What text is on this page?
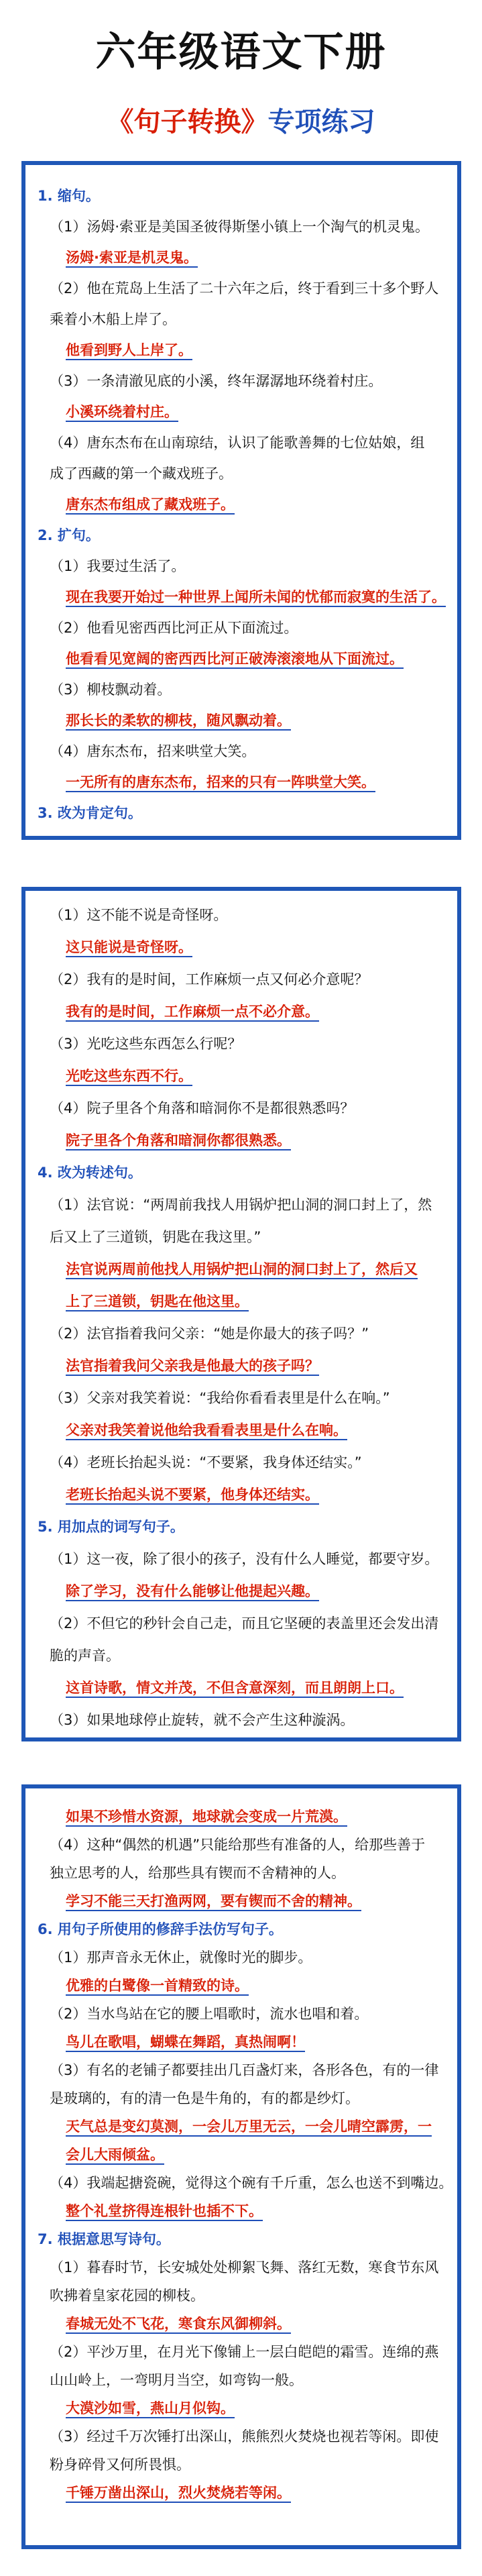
六年级语文下册
《句子转换》专项练习
1. 缩句。
（1）汤姆·索亚是美国圣彼得斯堡小镇上一个淘气的机灵鬼。
汤姆·索亚是机灵鬼。
（2）他在荒岛上生活了二十六年之后，终于看到三十多个野人
乘着小木船上岸了。
他看到野人上岸了。
（3）一条清澈见底的小溪，终年潺潺地环绕着村庄。
小溪环绕着村庄。
（4）唐东杰布在山南琼结，认识了能歌善舞的七位姑娘，组
成了西藏的第一个藏戏班子。
唐东杰布组成了藏戏班子。
2. 扩句。
（1）我要过生活了。
现在我要开始过一种世界上闻所未闻的忧郁而寂寞的生活了。
（2）他看见密西西比河正从下面流过。
他看看见宽阔的密西西比河正破涛滚滚地从下面流过。
（3）柳枝飘动着。
那长长的柔软的柳枝，随风飘动着。
（4）唐东杰布，招来哄堂大笑。
一无所有的唐东杰布，招来的只有一阵哄堂大笑。
3. 改为肯定句。
（1）这不能不说是奇怪呀。
这只能说是奇怪呀。
（2）我有的是时间，工作麻烦一点又何必介意呢？
我有的是时间，工作麻烦一点不必介意。
（3）光吃这些东西怎么行呢？
光吃这些东西不行。
（4）院子里各个角落和暗洞你不是都很熟悉吗？
院子里各个角落和暗洞你都很熟悉。
4. 改为转述句。
（1）法官说：“两周前我找人用锅炉把山洞的洞口封上了，然
后又上了三道锁，钥匙在我这里。”
法官说两周前他找人用锅炉把山洞的洞口封上了，然后又
上了三道锁，钥匙在他这里。
（2）法官指着我问父亲：“她是你最大的孩子吗？”
法官指着我问父亲我是他最大的孩子吗？
（3）父亲对我笑着说：“我给你看看表里是什么在响。”
父亲对我笑着说他给我看看表里是什么在响。
（4）老班长抬起头说：“不要紧，我身体还结实。”
老班长抬起头说不要紧，他身体还结实。
5. 用加点的词写句子。
（1）这一夜，除了很小的孩子，没有什么人睡觉，都要守岁。
除了学习，没有什么能够让他提起兴趣。
（2）不但它的秒针会自己走，而且它坚硬的表盖里还会发出清
脆的声音。
这首诗歌，情文并茂，不但含意深刻，而且朗朗上口。
（3）如果地球停止旋转，就不会产生这种漩涡。
如果不珍惜水资源，地球就会变成一片荒漠。
（4）这种“偶然的机遇”只能给那些有准备的人，给那些善于
独立思考的人，给那些具有锲而不舍精神的人。
学习不能三天打渔两网，要有锲而不舍的精神。
6. 用句子所使用的修辞手法仿写句子。
（1）那声音永无休止，就像时光的脚步。
优雅的白鹭像一首精致的诗。
（2）当水鸟站在它的腰上唱歌时，流水也唱和着。
鸟儿在歌唱，蝴蝶在舞蹈，真热闹啊！
（3）有名的老铺子都要挂出几百盏灯来，各形各色，有的一律
是玻璃的，有的清一色是牛角的，有的都是纱灯。
天气总是变幻莫测，一会儿万里无云，一会儿晴空霹雳，一
会儿大雨倾盆。
（4）我端起搪瓷碗，觉得这个碗有千斤重，怎么也送不到嘴边。
整个礼堂挤得连根针也插不下。
7. 根据意思写诗句。
（1）暮春时节，长安城处处柳絮飞舞、落红无数，寒食节东风
吹拂着皇家花园的柳枝。
春城无处不飞花，寒食东风御柳斜。
（2）平沙万里，在月光下像铺上一层白皑皑的霜雪。连绵的燕
山山岭上，一弯明月当空，如弯钩一般。
大漠沙如雪，燕山月似钩。
（3）经过千万次锤打出深山，熊熊烈火焚烧也视若等闲。即使
粉身碎骨又何所畏惧。
千锤万凿出深山，烈火焚烧若等闲。
